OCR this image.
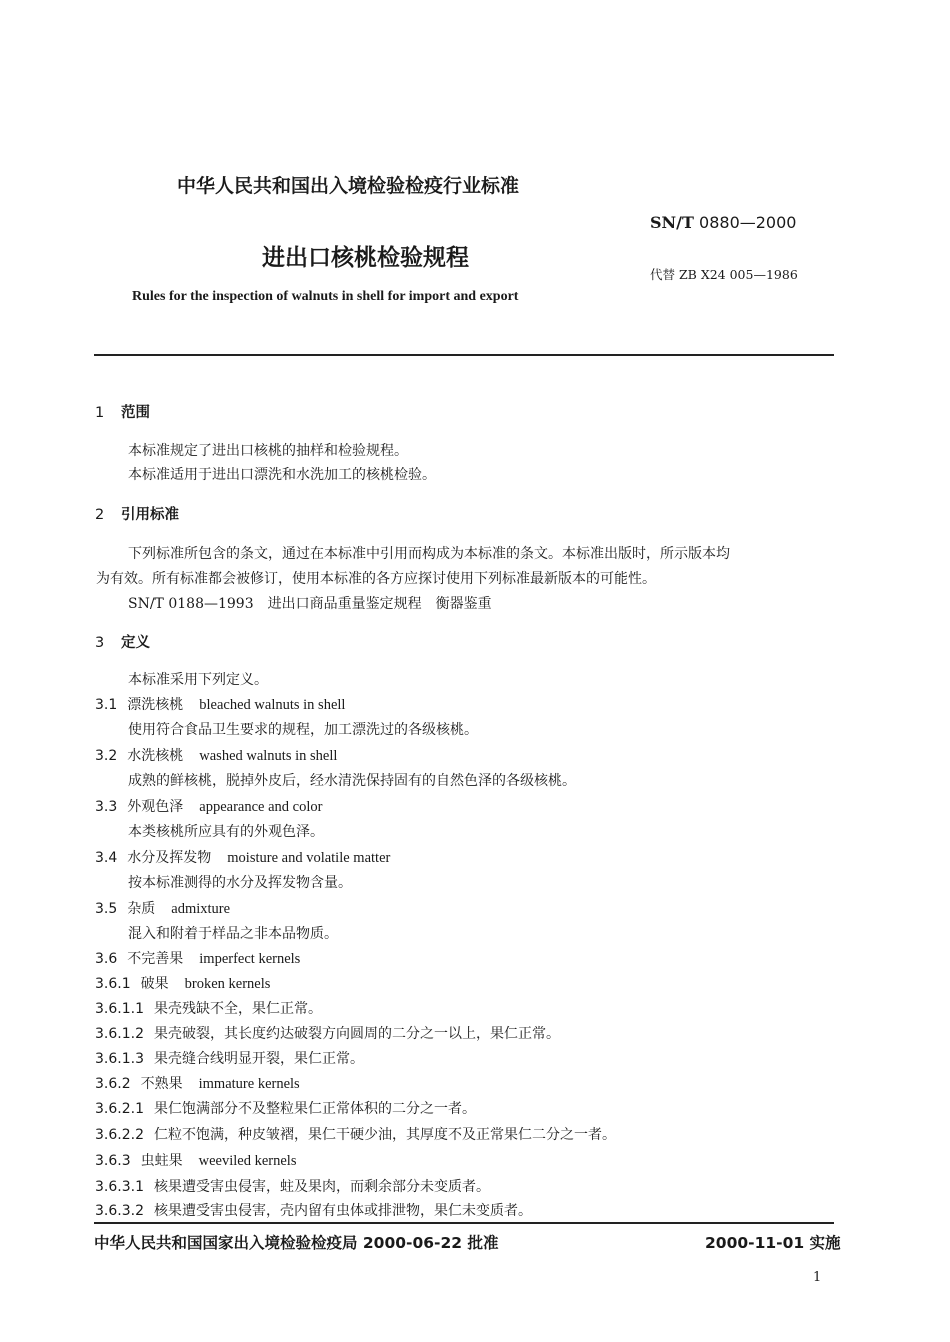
中华人民共和国出入境检验检疫行业标准
SN/T 0880—2000
进出口核桃检验规程
代替 ZB X24 005—1986
Rules for the inspection of walnuts in shell for import and export
1 范围
本标准规定了进出口核桃的抽样和检验规程。
本标准适用于进出口漂洗和水洗加工的核桃检验。
2 引用标准
下列标准所包含的条文，通过在本标准中引用而构成为本标准的条文。本标准出版时，所示版本均
为有效。所有标准都会被修订，使用本标准的各方应探讨使用下列标准最新版本的可能性。
SN/T 0188—1993　进出口商品重量鉴定规程　衡器鉴重
3 定义
本标准采用下列定义。
3.1 漂洗核桃 bleached walnuts in shell
使用符合食品卫生要求的规程，加工漂洗过的各级核桃。
3.2 水洗核桃 washed walnuts in shell
成熟的鲜核桃，脱掉外皮后，经水清洗保持固有的自然色泽的各级核桃。
3.3 外观色泽 appearance and color
本类核桃所应具有的外观色泽。
3.4 水分及挥发物 moisture and volatile matter
按本标准测得的水分及挥发物含量。
3.5 杂质 admixture
混入和附着于样品之非本品物质。
3.6 不完善果 imperfect kernels
3.6.1 破果 broken kernels
3.6.1.1 果壳残缺不全，果仁正常。
3.6.1.2 果壳破裂，其长度约达破裂方向圆周的二分之一以上，果仁正常。
3.6.1.3 果壳缝合线明显开裂，果仁正常。
3.6.2 不熟果 immature kernels
3.6.2.1 果仁饱满部分不及整粒果仁正常体积的二分之一者。
3.6.2.2 仁粒不饱满，种皮皱褶，果仁干硬少油，其厚度不及正常果仁二分之一者。
3.6.3 虫蛀果 weeviled kernels
3.6.3.1 核果遭受害虫侵害，蛀及果肉，而剩余部分未变质者。
3.6.3.2 核果遭受害虫侵害，壳内留有虫体或排泄物，果仁未变质者。
中华人民共和国国家出入境检验检疫局 2000-06-22 批准	2000-11-01 实施
1
